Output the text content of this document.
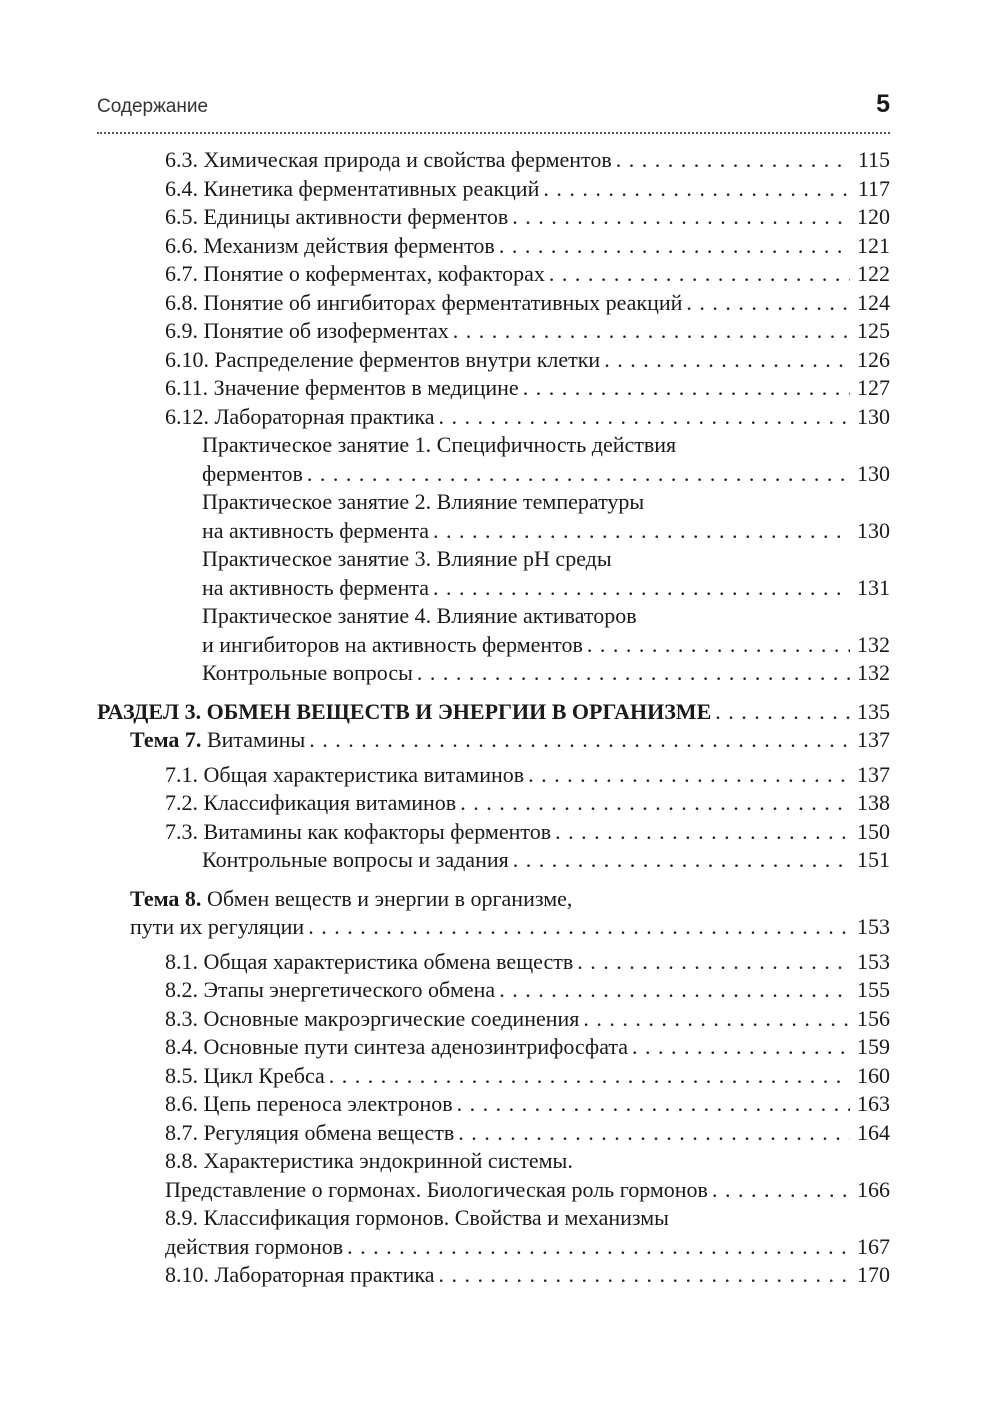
Содержание	5
6.3. Химическая природа и свойства ферментов . . .	115
6.4. Кинетика ферментативных реакций . . .	117
6.5. Единицы активности ферментов . . .	120
6.6. Механизм действия ферментов . . .	121
6.7. Понятие о коферментах, кофакторах . . .	122
6.8. Понятие об ингибиторах ферментативных реакций . . .	124
6.9. Понятие об изоферментах . . .	125
6.10. Распределение ферментов внутри клетки . . .	126
6.11. Значение ферментов в медицине . . .	127
6.12. Лабораторная практика . . .	130
Практическое занятие 1. Специфичность действия
ферментов . . .	130
Практическое занятие 2. Влияние температуры
на активность фермента . . .	130
Практическое занятие 3. Влияние pH среды
на активность фермента . . .	131
Практическое занятие 4. Влияние активаторов
и ингибиторов на активность ферментов . . .	132
Контрольные вопросы . . .	132
РАЗДЕЛ 3. ОБМЕН ВЕЩЕСТВ И ЭНЕРГИИ В ОРГАНИЗМЕ . . .	135
Тема 7. Витамины . . .	137
7.1. Общая характеристика витаминов . . .	137
7.2. Классификация витаминов . . .	138
7.3. Витамины как кофакторы ферментов . . .	150
Контрольные вопросы и задания . . .	151
Тема 8. Обмен веществ и энергии в организме,
пути их регуляции . . .	153
8.1. Общая характеристика обмена веществ . . .	153
8.2. Этапы энергетического обмена . . .	155
8.3. Основные макроэргические соединения . . .	156
8.4. Основные пути синтеза аденозинтрифосфата . . .	159
8.5. Цикл Кребса . . .	160
8.6. Цепь переноса электронов . . .	163
8.7. Регуляция обмена веществ . . .	164
8.8. Характеристика эндокринной системы.
Представление о гормонах. Биологическая роль гормонов . . .	166
8.9. Классификация гормонов. Свойства и механизмы
действия гормонов . . .	167
8.10. Лабораторная практика . . .	170
